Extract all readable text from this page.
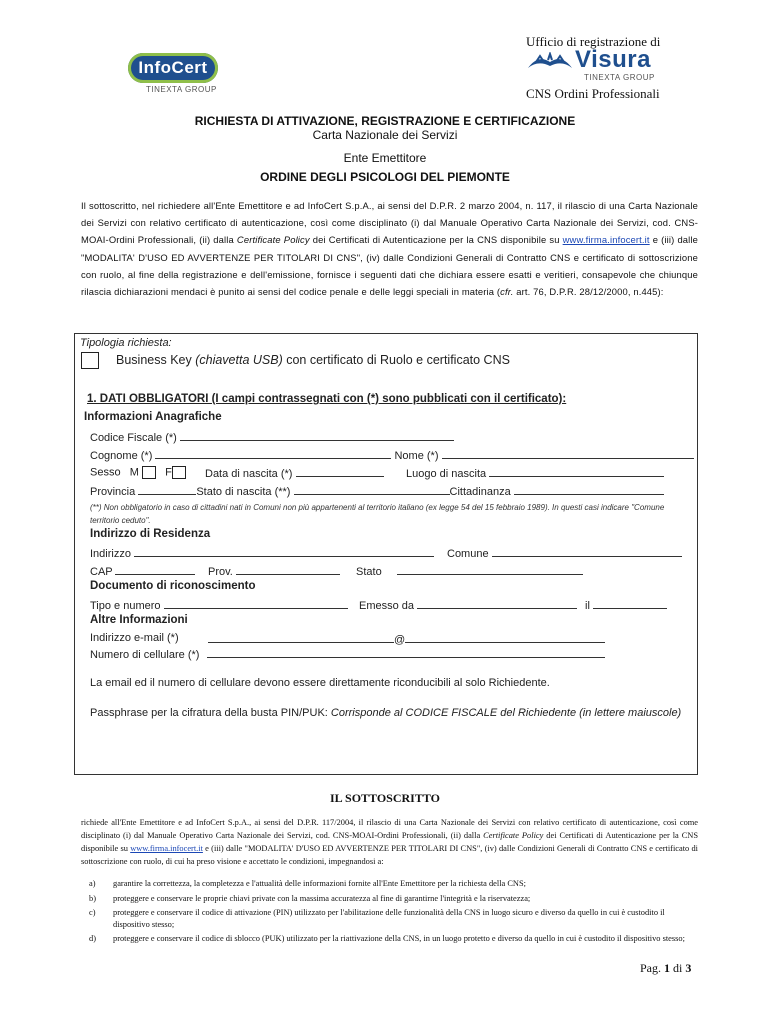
InfoCert
TINEXTA GROUP
Ufficio di registrazione di
Visura
TINEXTA GROUP
CNS Ordini Professionali
RICHIESTA DI ATTIVAZIONE, REGISTRAZIONE E CERTIFICAZIONE
Carta Nazionale dei Servizi
Ente Emettitore
ORDINE DEGLI PSICOLOGI DEL PIEMONTE
Il sottoscritto, nel richiedere all'Ente Emettitore e ad InfoCert S.p.A., ai sensi del D.P.R. 2 marzo 2004, n. 117, il rilascio di una Carta Nazionale dei Servizi con relativo certificato di autenticazione, così come disciplinato (i) dal Manuale Operativo Carta Nazionale dei Servizi, cod. CNS-MOAI-Ordini Professionali, (ii) dalla Certificate Policy dei Certificati di Autenticazione per la CNS disponibile su www.firma.infocert.it e (iii) dalle "MODALITA' D'USO ED AVVERTENZE PER TITOLARI DI CNS", (iv) dalle Condizioni Generali di Contratto CNS e certificato di sottoscrizione con ruolo, al fine della registrazione e dell'emissione, fornisce i seguenti dati che dichiara essere esatti e veritieri, consapevole che chiunque rilascia dichiarazioni mendaci è punito ai sensi del codice penale e delle leggi speciali in materia (cfr. art. 76, D.P.R. 28/12/2000, n.445):
Tipologia richiesta:
Business Key (chiavetta USB) con certificato di Ruolo e certificato CNS
1. DATI OBBLIGATORI (I campi contrassegnati con (*) sono pubblicati con il certificato):
Informazioni Anagrafiche
Codice Fiscale (*)
Cognome (*)	Nome (*)
Sesso M F	Data di nascita (*)	Luogo di nascita
Provincia	Stato di nascita (**)	Cittadinanza
(**) Non obbligatorio in caso di cittadini nati in Comuni non più appartenenti al territorio italiano (ex legge 54 del 15 febbraio 1989). In questi casi indicare "Comune territorio ceduto".
Indirizzo di Residenza
Indirizzo	Comune
CAP	Prov.	Stato
Documento di riconoscimento
Tipo e numero	Emesso da	il
Altre Informazioni
Indirizzo e-mail (*)	@
Numero di cellulare (*)
La email ed il numero di cellulare devono essere direttamente riconducibili al solo Richiedente.
Passphrase per la cifratura della busta PIN/PUK: Corrisponde al CODICE FISCALE del Richiedente (in lettere maiuscole)
IL SOTTOSCRITTO
richiede all'Ente Emettitore e ad InfoCert S.p.A., ai sensi del D.P.R. 117/2004, il rilascio di una Carta Nazionale dei Servizi con relativo certificato di autenticazione, così come disciplinato (i) dal Manuale Operativo Carta Nazionale dei Servizi, cod. CNS-MOAI-Ordini Professionali, (ii) dalla Certificate Policy dei Certificati di Autenticazione per la CNS disponibile su www.firma.infocert.it e (iii) dalle "MODALITA' D'USO ED AVVERTENZE PER TITOLARI DI CNS", (iv) dalle Condizioni Generali di Contratto CNS e certificato di sottoscrizione con ruolo, di cui ha preso visione e accettato le condizioni, impegnandosi a:
a) garantire la correttezza, la completezza e l'attualità delle informazioni fornite all'Ente Emettitore per la richiesta della CNS;
b) proteggere e conservare le proprie chiavi private con la massima accuratezza al fine di garantirne l'integrità e la riservatezza;
c) proteggere e conservare il codice di attivazione (PIN) utilizzato per l'abilitazione delle funzionalità della CNS in luogo sicuro e diverso da quello in cui è custodito il dispositivo stesso;
d) proteggere e conservare il codice di sblocco (PUK) utilizzato per la riattivazione della CNS, in un luogo protetto e diverso da quello in cui è custodito il dispositivo stesso;
Pag. 1 di 3
